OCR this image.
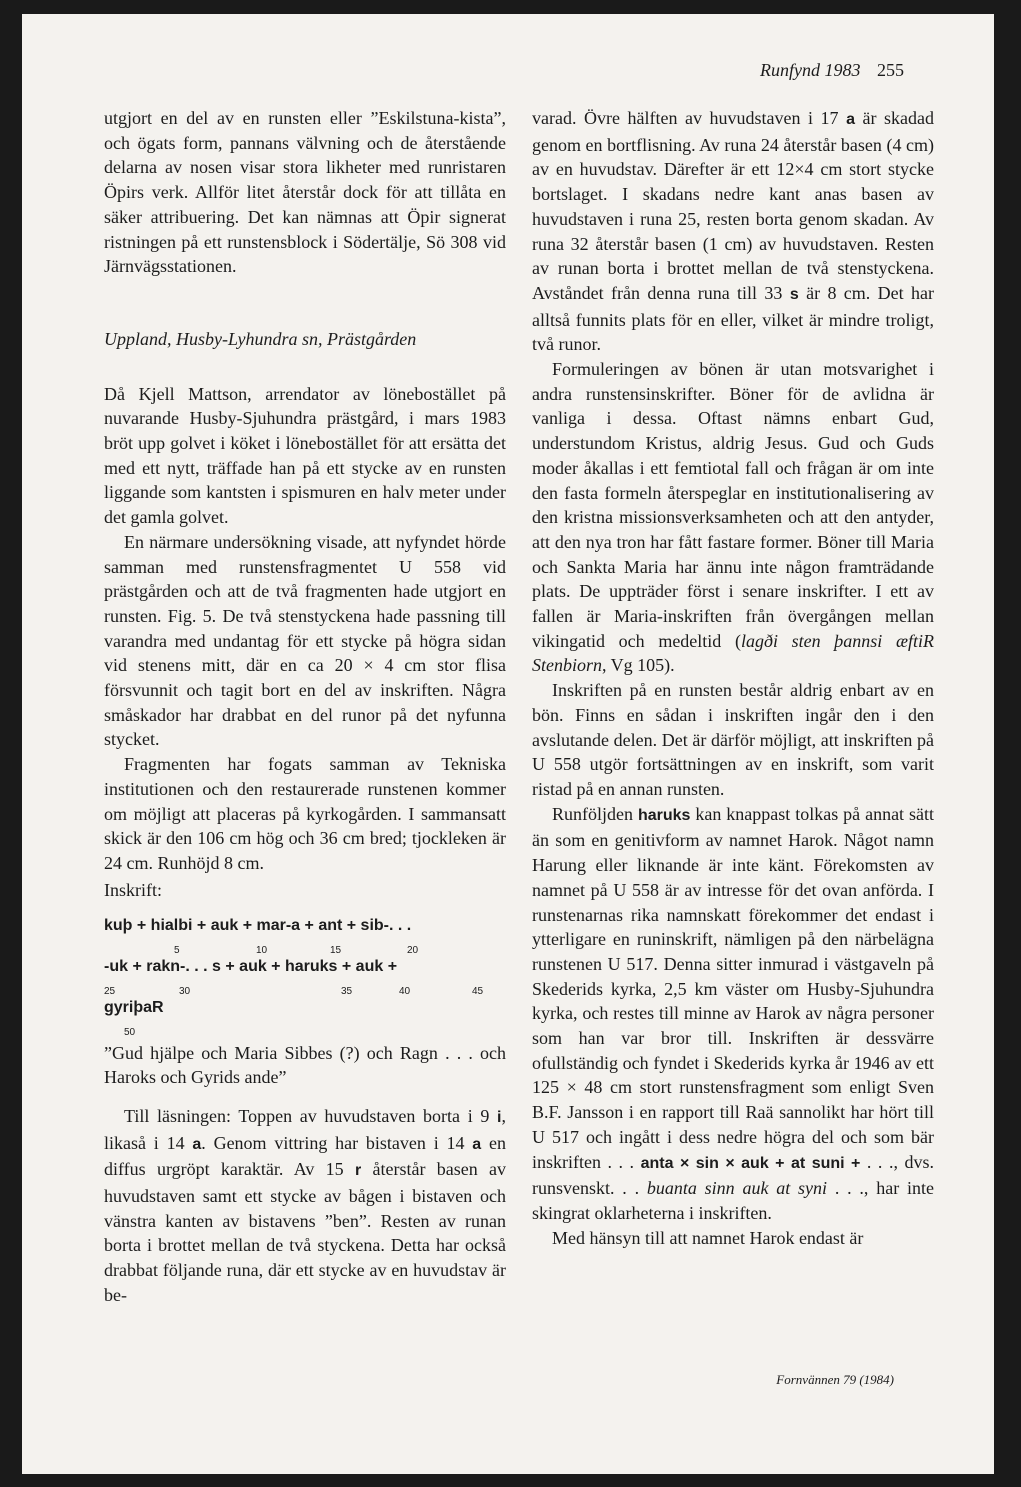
Runfynd 1983 255

utgjort en del av en runsten eller ”Eskilstuna-kista”, och ögats form, pannans välvning och de återstående delarna av nosen visar stora likheter med runristaren Öpirs verk. Allför litet återstår dock för att tillåta en säker attribuering. Det kan nämnas att Öpir signerat ristningen på ett runstensblock i Södertälje, Sö 308 vid Järnvägsstationen.

Uppland, Husby-Lyhundra sn, Prästgården

Då Kjell Mattson, arrendator av lönebostället på nuvarande Husby-Sjuhundra prästgård, i mars 1983 bröt upp golvet i köket i lönebostället för att ersätta det med ett nytt, träffade han på ett stycke av en runsten liggande som kantsten i spismuren en halv meter under det gamla golvet.

En närmare undersökning visade, att nyfyndet hörde samman med runstensfragmentet U 558 vid prästgården och att de två fragmenten hade utgjort en runsten. Fig. 5. De två stenstyckena hade passning till varandra med undantag för ett stycke på högra sidan vid stenens mitt, där en ca 20 × 4 cm stor flisa försvunnit och tagit bort en del av inskriften. Några småskador har drabbat en del runor på det nyfunna stycket.

Fragmenten har fogats samman av Tekniska institutionen och den restaurerade runstenen kommer om möjligt att placeras på kyrkogården. I sammansatt skick är den 106 cm hög och 36 cm bred; tjockleken är 24 cm. Runhöjd 8 cm.

Inskrift:

kuþ + hialbi + auk + mar-a + ant + sib-. . .

5	10	15	20

-uk + rakn-. . . s + auk + haruks + auk +

25	30	35	40	45

gyriþaR

50

”Gud hjälpe och Maria Sibbes (?) och Ragn . . . och Haroks och Gyrids ande”

Till läsningen: Toppen av huvudstaven borta i 9 i, likaså i 14 a. Genom vittring har bistaven i 14 a en diffus urgröpt karaktär. Av 15 r återstår basen av huvudstaven samt ett stycke av bågen i bistaven och vänstra kanten av bistavens ”ben”. Resten av runan borta i brottet mellan de två styckena. Detta har också drabbat följande runa, där ett stycke av en huvudstav är be-

varad. Övre hälften av huvudstaven i 17 a är skadad genom en bortflisning. Av runa 24 återstår basen (4 cm) av en huvudstav. Därefter är ett 12×4 cm stort stycke bortslaget. I skadans nedre kant anas basen av huvudstaven i runa 25, resten borta genom skadan. Av runa 32 återstår basen (1 cm) av huvudstaven. Resten av runan borta i brottet mellan de två stenstyckena. Avståndet från denna runa till 33 s är 8 cm. Det har alltså funnits plats för en eller, vilket är mindre troligt, två runor.

Formuleringen av bönen är utan motsvarighet i andra runstensinskrifter. Böner för de avlidna är vanliga i dessa. Oftast nämns enbart Gud, understundom Kristus, aldrig Jesus. Gud och Guds moder åkallas i ett femtiotal fall och frågan är om inte den fasta formeln återspeglar en institutionalisering av den kristna missionsverksamheten och att den antyder, att den nya tron har fått fastare former. Böner till Maria och Sankta Maria har ännu inte någon framträdande plats. De uppträder först i senare inskrifter. I ett av fallen är Maria-inskriften från övergången mellan vikingatid och medeltid (lagði sten þannsi æftiR Stenbiorn, Vg 105).

Inskriften på en runsten består aldrig enbart av en bön. Finns en sådan i inskriften ingår den i den avslutande delen. Det är därför möjligt, att inskriften på U 558 utgör fortsättningen av en inskrift, som varit ristad på en annan runsten.

Runföljden haruks kan knappast tolkas på annat sätt än som en genitivform av namnet Harok. Något namn Harung eller liknande är inte känt. Förekomsten av namnet på U 558 är av intresse för det ovan anförda. I runstenarnas rika namnskatt förekommer det endast i ytterligare en runinskrift, nämligen på den närbelägna runstenen U 517. Denna sitter inmurad i västgaveln på Skederids kyrka, 2,5 km väster om Husby-Sjuhundra kyrka, och restes till minne av Harok av några personer som han var bror till. Inskriften är dessvärre ofullständig och fyndet i Skederids kyrka år 1946 av ett 125 × 48 cm stort runstensfragment som enligt Sven B.F. Jansson i en rapport till Raä sannolikt har hört till U 517 och ingått i dess nedre högra del och som bär inskriften . . . anta × sin × auk + at suni + . . ., dvs. runsvenskt. . . buanta sinn auk at syni . . ., har inte skingrat oklarheterna i inskriften.

Med hänsyn till att namnet Harok endast är

Fornvännen 79 (1984)
